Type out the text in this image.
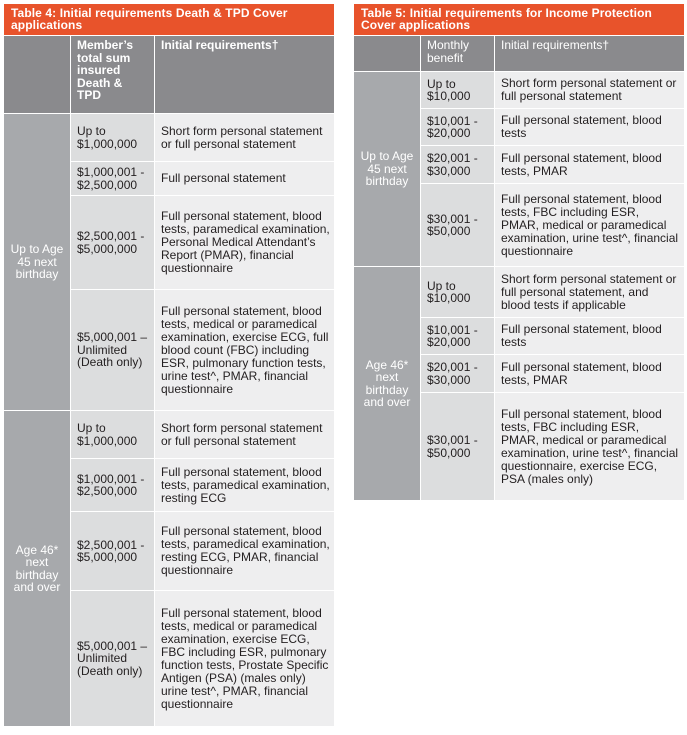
Table 4: Initial requirements Death & TPD Cover applications		
	Member’s total sum insured Death & TPD	Initial requirements†
Up to Age 45 next birthday	Up to $1,000,000	Short form personal statement or full personal statement
	$1,000,001 - $2,500,000	Full personal statement
	$2,500,001 - $5,000,000	Full personal statement, blood tests, paramedical examination, Personal Medical Attendant’s Report (PMAR), financial questionnaire
	$5,000,001 – Unlimited (Death only)	Full personal statement, blood tests, medical or paramedical examination, exercise ECG, full blood count (FBC) including ESR, pulmonary function tests, urine test^, PMAR, financial questionnaire
Age 46* next birthday and over	Up to $1,000,000	Short form personal statement or full personal statement
	$1,000,001 - $2,500,000	Full personal statement, blood tests, paramedical examination, resting ECG
	$2,500,001 - $5,000,000	Full personal statement, blood tests, paramedical examination, resting ECG, PMAR, financial questionnaire
	$5,000,001 – Unlimited (Death only)	Full personal statement, blood tests, medical or paramedical examination, exercise ECG, FBC including ESR, pulmonary function tests, Prostate Specific Antigen (PSA) (males only) urine test^, PMAR, financial questionnaire
Table 5: Initial requirements for Income Protection Cover applications		
	Monthly benefit	Initial requirements†
Up to Age 45 next birthday	Up to $10,000	Short form personal statement or full personal statement
	$10,001 - $20,000	Full personal statement, blood tests
	$20,001 - $30,000	Full personal statement, blood tests, PMAR
	$30,001 - $50,000	Full personal statement, blood tests, FBC including ESR, PMAR, medical or paramedical examination, urine test^, financial questionnaire
Age 46* next birthday and over	Up to $10,000	Short form personal statement or full personal statement, and blood tests if applicable
	$10,001 - $20,000	Full personal statement, blood tests
	$20,001 - $30,000	Full personal statement, blood tests, PMAR
	$30,001 - $50,000	Full personal statement, blood tests, FBC including ESR, PMAR, medical or paramedical examination, urine test^, financial questionnaire, exercise ECG, PSA (males only)
